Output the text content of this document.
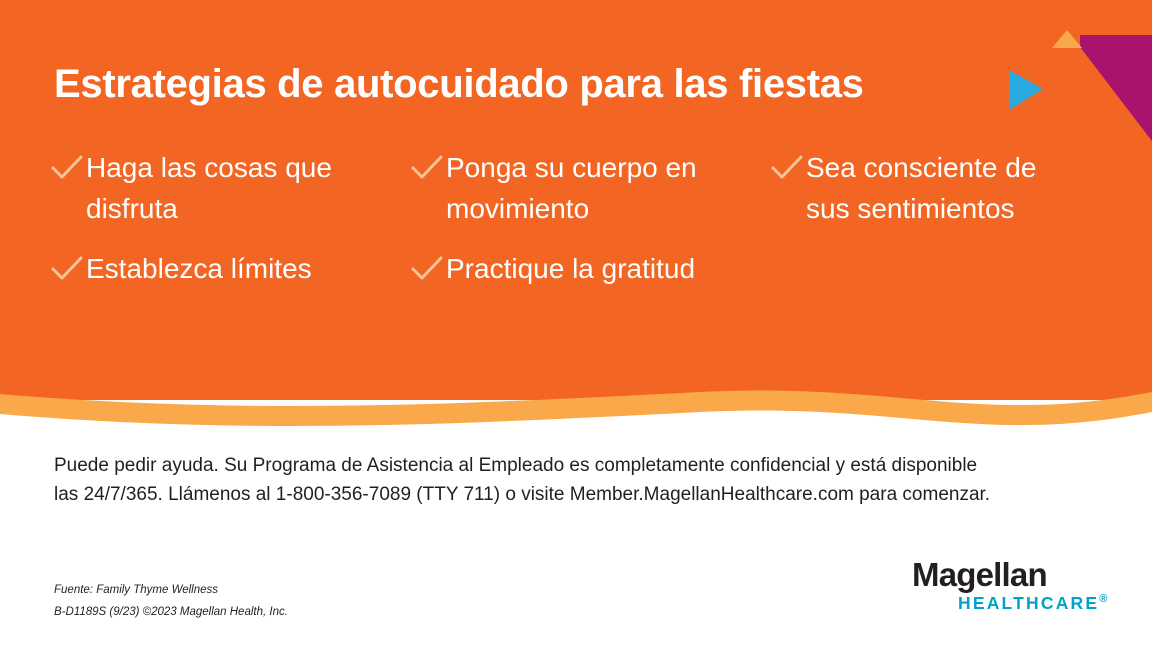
Estrategias de autocuidado para las fiestas
Haga las cosas que disfruta
Establezca límites
Ponga su cuerpo en movimiento
Practique la gratitud
Sea consciente de sus sentimientos
Puede pedir ayuda. Su Programa de Asistencia al Empleado es completamente confidencial y está disponible las 24/7/365. Llámenos al 1-800-356-7089 (TTY 711) o visite Member.MagellanHealthcare.com para comenzar.
Fuente: Family Thyme Wellness
B-D1189S (9/23) ©2023 Magellan Health, Inc.
Magellan
HEALTHCARE®
